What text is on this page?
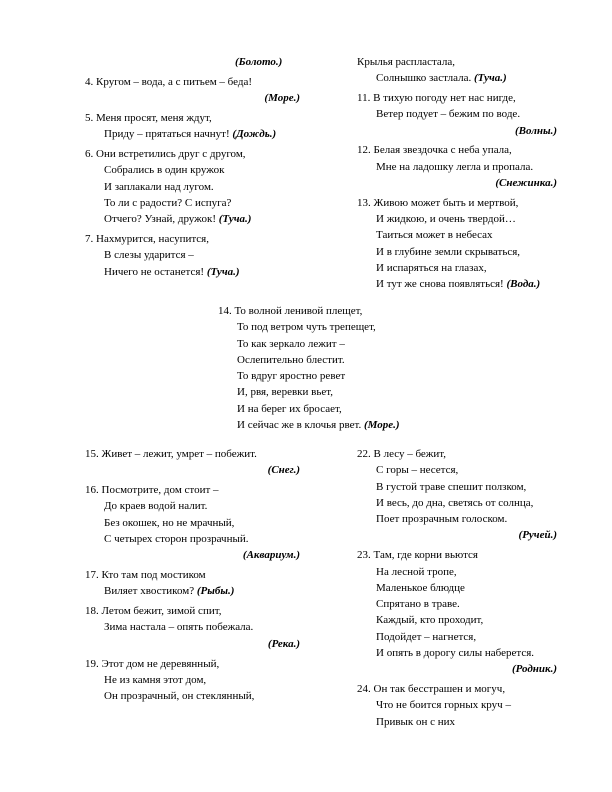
(Болото.)
4. Кругом – вода, а с питьем – беда!
(Море.)
5. Меня просят, меня ждут,
Приду – прятаться начнут! (Дождь.)
6. Они встретились друг с другом,
Собрались в один кружок
И заплакали над лугом.
То ли с радости? С испуга?
Отчего? Узнай, дружок! (Туча.)
7. Нахмурится, насупится,
В слезы ударится –
Ничего не останется! (Туча.)
Крылья распластала,
Солнышко застлала. (Туча.)
11. В тихую погоду нет нас нигде,
Ветер подует – бежим по воде.
(Волны.)
12. Белая звездочка с неба упала,
Мне на ладошку легла и пропала.
(Снежинка.)
13. Живою может быть и мертвой,
И жидкою, и очень твердой…
Таиться может в небесах
И в глубине земли скрываться,
И испаряться на глазах,
И тут же снова появляться! (Вода.)
14. То волной ленивой плещет,
То под ветром чуть трепещет,
То как зеркало лежит –
Ослепительно блестит.
То вдруг яростно ревет
И, рвя, веревки вьет,
И на берег их бросает,
И сейчас же в клочья рвет. (Море.)
15. Живет – лежит, умрет – побежит.
(Снег.)
16. Посмотрите, дом стоит –
До краев водой налит.
Без окошек, но не мрачный,
С четырех сторон прозрачный.
(Аквариум.)
17. Кто там под мостиком
Виляет хвостиком? (Рыбы.)
18. Летом бежит, зимой спит,
Зима настала – опять побежала.
(Река.)
19. Этот дом не деревянный,
Не из камня этот дом,
Он прозрачный, он стеклянный,
22. В лесу – бежит,
С горы – несется,
В густой траве спешит ползком,
И весь, до дна, светясь от солнца,
Поет прозрачным голоском.
(Ручей.)
23. Там, где корни вьются
На лесной тропе,
Маленькое блюдце
Спрятано в траве.
Каждый, кто проходит,
Подойдет – нагнется,
И опять в дорогу силы наберется.
(Родник.)
24. Он так бесстрашен и могуч,
Что не боится горных круч –
Привык он с них
